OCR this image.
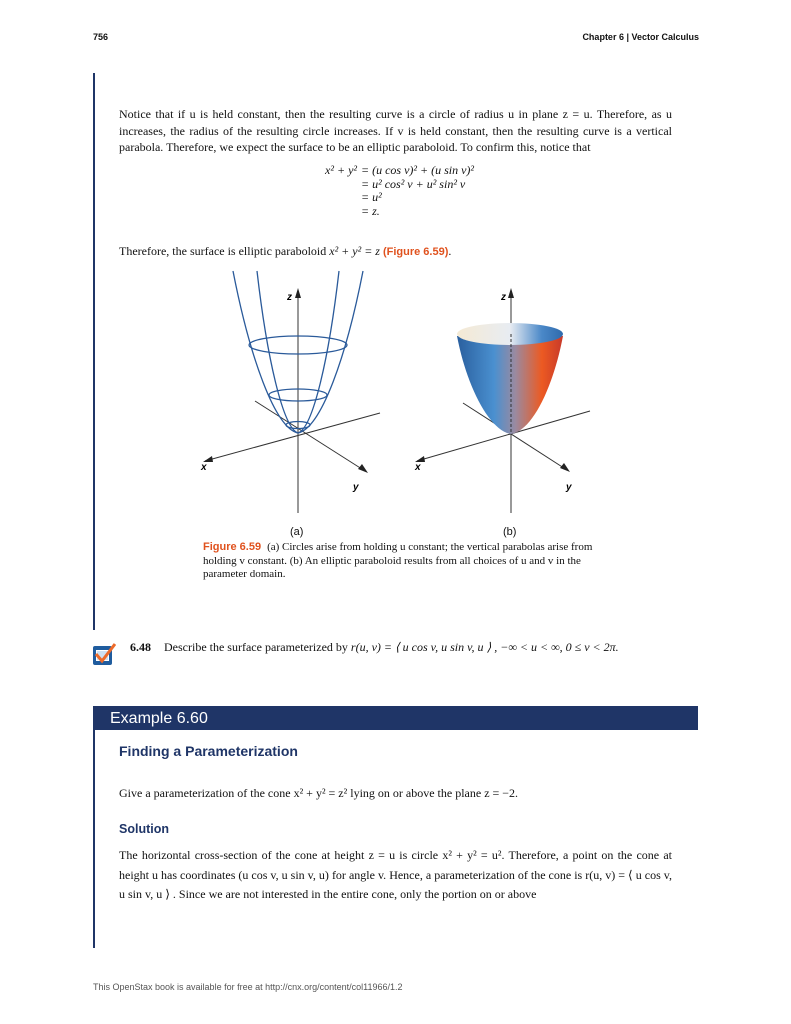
756	Chapter 6 | Vector Calculus
Notice that if u is held constant, then the resulting curve is a circle of radius u in plane z = u. Therefore, as u increases, the radius of the resulting circle increases. If v is held constant, then the resulting curve is a vertical parabola. Therefore, we expect the surface to be an elliptic paraboloid. To confirm this, notice that
x² + y² = (u cos v)² + (u sin v)²
= u² cos² v + u² sin² v
= u²
= z.
Therefore, the surface is elliptic paraboloid x² + y² = z (Figure 6.59).
z
x
y
z
x
y
(a)	(b)
Figure 6.59 (a) Circles arise from holding u constant; the vertical parabolas arise from holding v constant. (b) An elliptic paraboloid results from all choices of u and v in the parameter domain.
6.48 Describe the surface parameterized by r(u, v) = ⟨ u cos v, u sin v, u ⟩ , −∞ < u < ∞, 0 ≤ v < 2π.
Example 6.60
Finding a Parameterization
Give a parameterization of the cone x² + y² = z² lying on or above the plane z = −2.
Solution
The horizontal cross-section of the cone at height z = u is circle x² + y² = u². Therefore, a point on the cone at height u has coordinates (u cos v, u sin v, u) for angle v. Hence, a parameterization of the cone is r(u, v) = ⟨ u cos v, u sin v, u ⟩ . Since we are not interested in the entire cone, only the portion on or above
This OpenStax book is available for free at http://cnx.org/content/col11966/1.2
